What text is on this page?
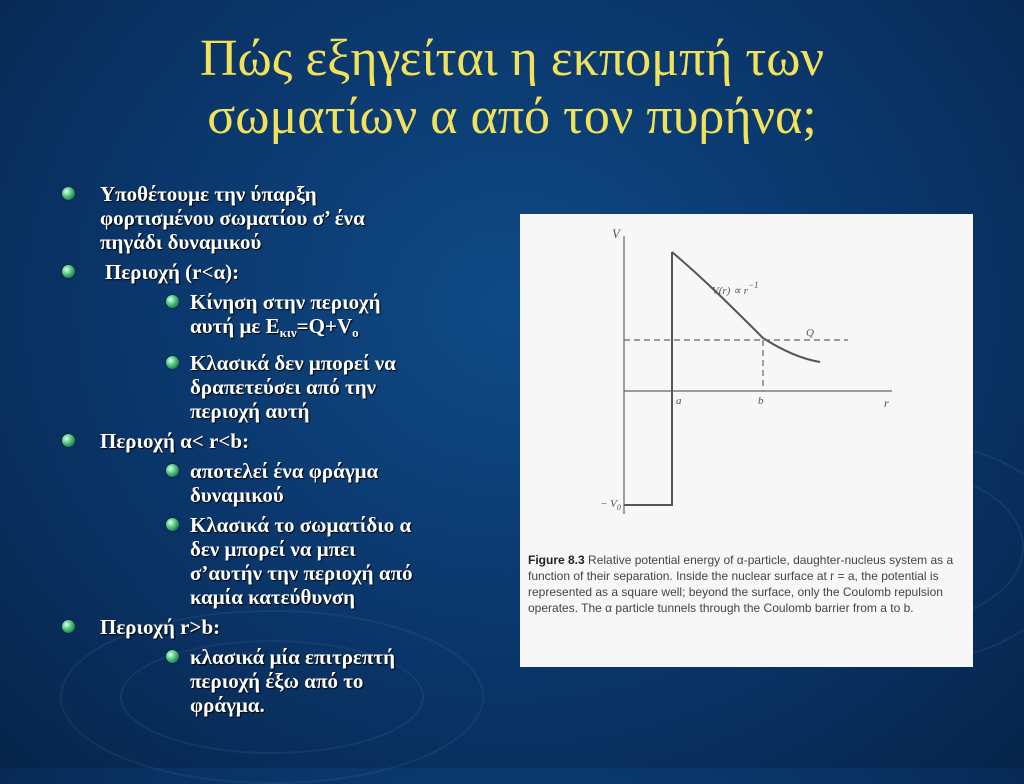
Πώς εξηγείται η εκπομπή των
σωματίων α από τον πυρήνα;
Υποθέτουμε την ύπαρξη
φορτισμένου σωματίου σ’ ένα
πηγάδι δυναμικού
Περιοχή (r<α):
Κίνηση στην περιοχή
αυτή με $E_{\kappa\iota\nu}=Q+V_o$
Κλασικά δεν μπορεί να
δραπετεύσει από την
περιοχή αυτή
Περιοχή α< r<b:
αποτελεί ένα φράγμα
δυναμικού
Κλασικά το σωματίδιο α
δεν μπορεί να μπει
σ’αυτήν την περιοχή από
καμία κατεύθυνση
Περιοχή r>b:
κλασικά μία επιτρεπτή
περιοχή έξω από το
φράγμα.
V
r
$V(r) \propto r^{-1}$
Q
a	b
− $V_0$
Figure 8.3 Relative potential energy of α-particle, daughter-nucleus system as a function of their separation. Inside the nuclear surface at r = a, the potential is represented as a square well; beyond the surface, only the Coulomb repulsion operates. The α particle tunnels through the Coulomb barrier from a to b.
